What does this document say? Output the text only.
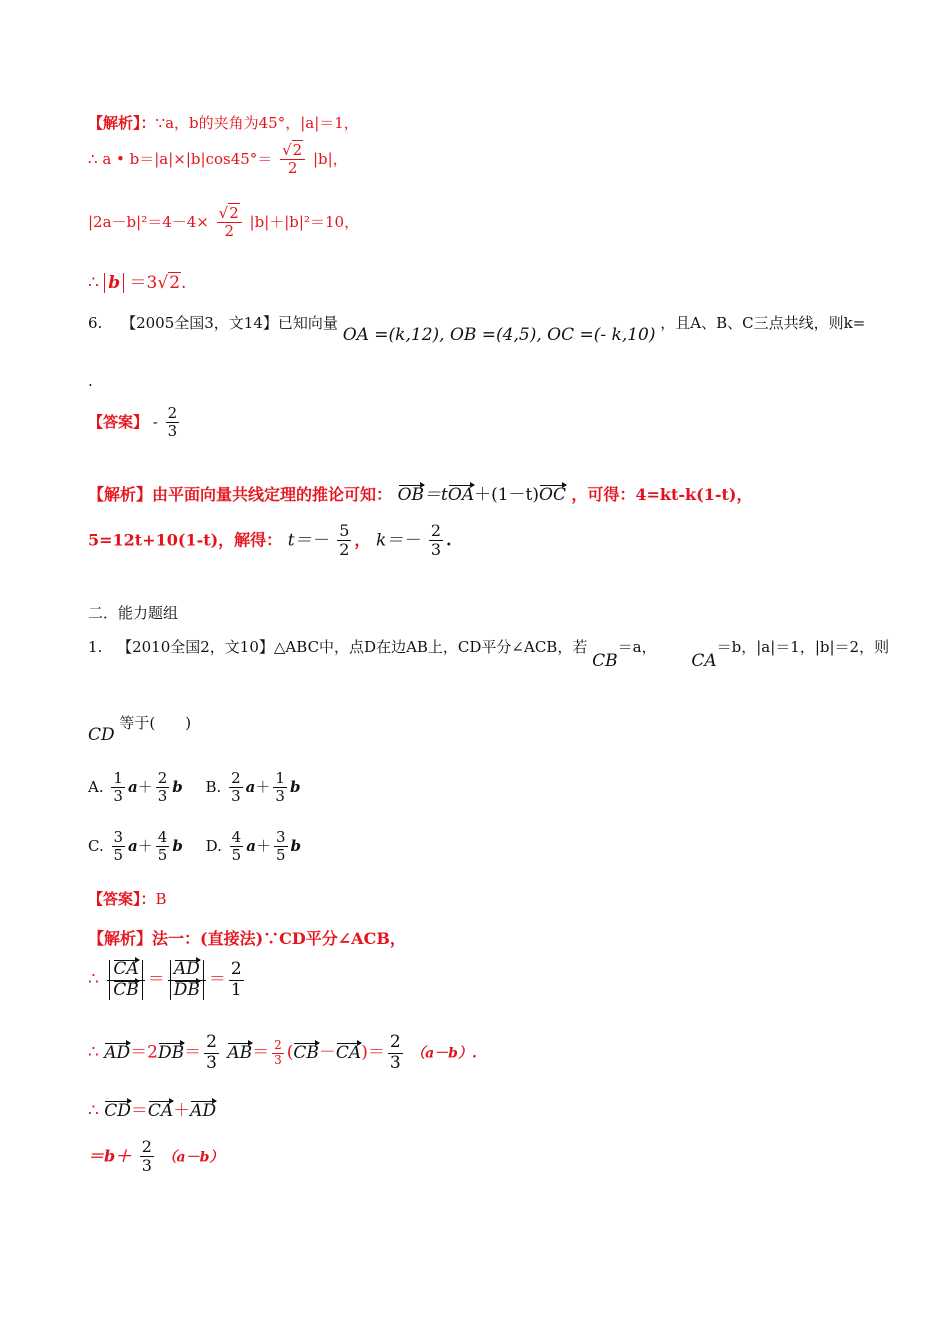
【解析】：∵a，b的夹角为45°，|a|＝1，
∴ a • $b=|a|\times|b|\cos 45^\circ= \frac{√2}{2} |b|$，
$|2a-b|^2=4-4\times \frac{√2}{2} |b|+|b|^2=10$，
∴ b ＝3√2.
6. 【2005全国3，文14】已知向量 OA =(k,12), OB =(4,5), OC =(- k,10) ，且A、B、C三点共线，则k=
.
【答案】 - $\frac{2}{3}$
【解析】由平面向量共线定理的推论可知： OB＝tOA＋(1－t)OC ，可得：4=kt-k(1-t)，
5=12t+10(1-t)，解得： $t=- \frac{5}{2}$ ， $k=- \frac{2}{3}$ .
二．能力题组
1. 【2010全国2，文10】△ABC中，点D在边AB上，CD平分∠ACB，若 CB＝a， CA＝b，|a|＝1，|b|＝2，则
CD 等于(　　)
A. $\frac{1}{3} a+ \frac{2}{3}$ b B. $\frac{2}{3} a+ \frac{1}{3}$ b
C. $\frac{3}{5} a+ \frac{4}{5}$ b D. $\frac{4}{5} a+ \frac{3}{5}$ b
【答案】：B
【解析】法一：(直接法)∵CD平分∠ACB，
∴ $\frac{CA}{CB} = \frac{AD}{DB} = \frac{2}{1}$
∴ $AD=2DB= \frac{2}{3} AB= \frac{2}{3} (CB-CA)= \frac{2}{3} (a-b)$.
∴ CD＝CA＋AD
$=b+ \frac{2}{3} (a-b)$
